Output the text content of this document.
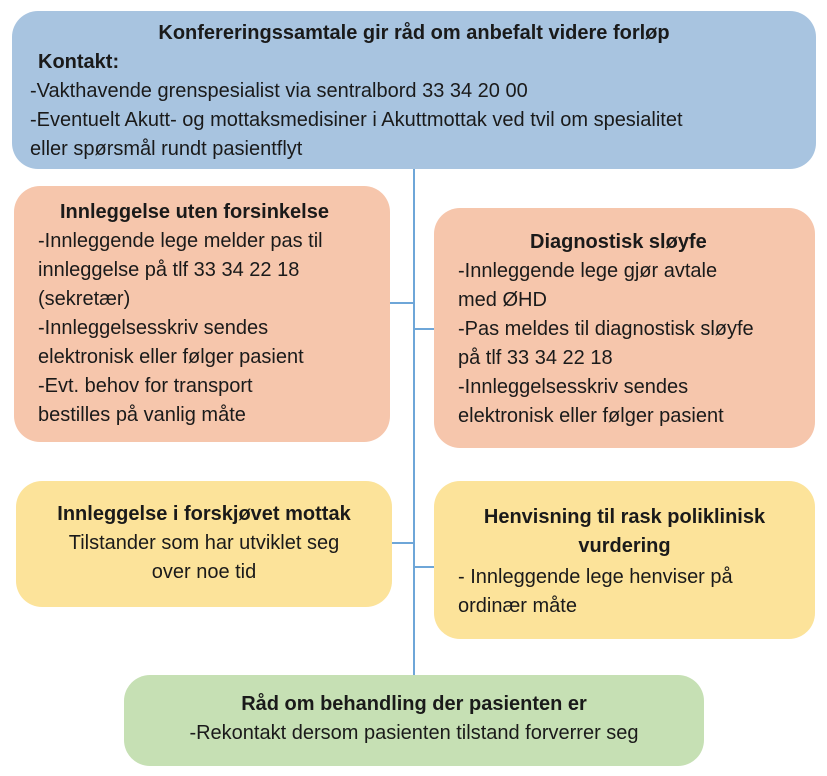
Konfereringssamtale gir råd om anbefalt videre forløp
Kontakt:
-Vakthavende grenspesialist via sentralbord 33 34 20 00
-Eventuelt Akutt- og mottaksmedisiner i Akuttmottak ved tvil om spesialitet
eller spørsmål rundt pasientflyt
Innleggelse uten forsinkelse
-Innleggende lege melder pas til
innleggelse på tlf 33 34 22 18
(sekretær)
-Innleggelsesskriv sendes
elektronisk eller følger pasient
-Evt. behov for transport
bestilles på vanlig måte
Diagnostisk sløyfe
-Innleggende lege gjør avtale
med ØHD
-Pas meldes til diagnostisk sløyfe
på tlf 33 34 22 18
-Innleggelsesskriv sendes
elektronisk eller følger pasient
Innleggelse i forskjøvet mottak
Tilstander som har utviklet seg
over noe tid
Henvisning til rask poliklinisk
vurdering
- Innleggende lege henviser på
ordinær måte
Råd om behandling der pasienten er
-Rekontakt dersom pasienten tilstand forverrer seg
